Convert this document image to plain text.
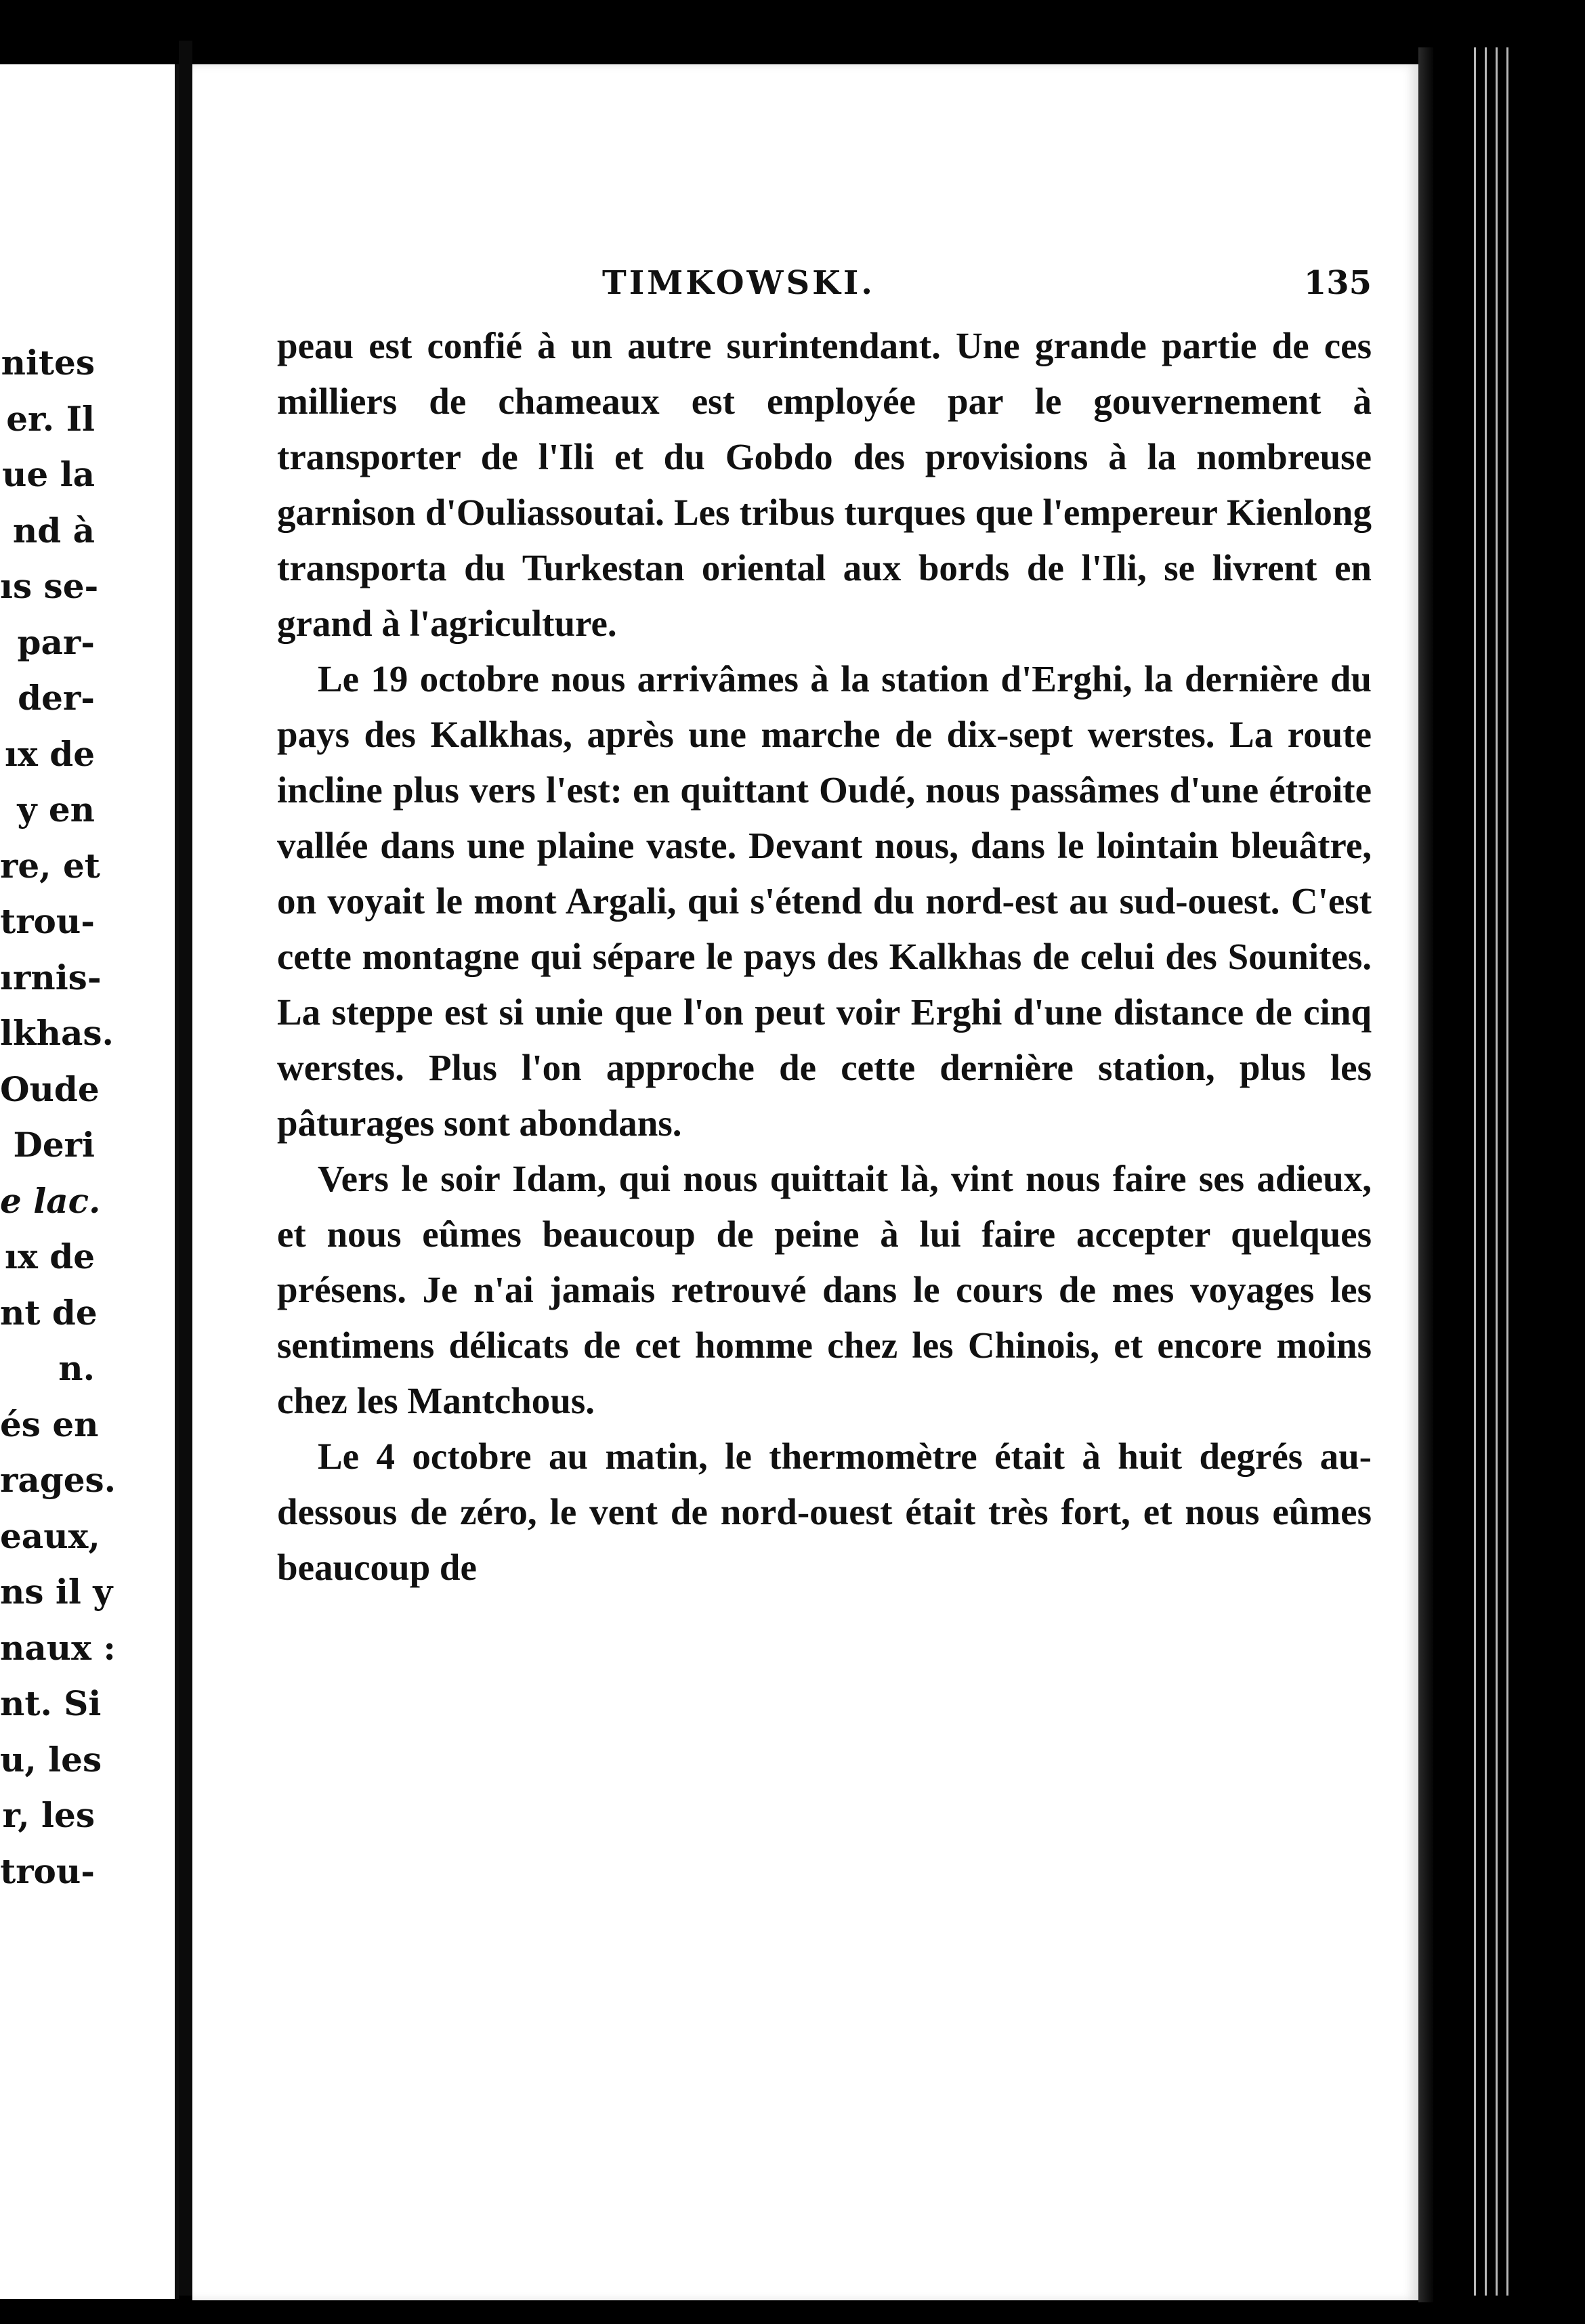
nites
er. Il
ue la
nd à
ıs se-
par-
der-
ıx de
y en
re, et
trou-
ırnis-
lkhas.
Oude
Deri
e lac.
ıx de
nt de
n.
és en
rages.
eaux,
ns il y
naux :
nt. Si
u, les
r, les
trou-
TIMKOWSKI.	135

peau est confié à un autre surintendant. Une grande partie de ces milliers de chameaux est employée par le gouvernement à transporter de l'Ili et du Gobdo des provisions à la nombreuse garnison d'Ouliassoutai. Les tribus turques que l'empereur Kienlong transporta du Turkestan oriental aux bords de l'Ili, se livrent en grand à l'agriculture.

Le 19 octobre nous arrivâmes à la station d'Erghi, la dernière du pays des Kalkhas, après une marche de dix-sept werstes. La route incline plus vers l'est: en quittant Oudé, nous passâmes d'une étroite vallée dans une plaine vaste. Devant nous, dans le lointain bleuâtre, on voyait le mont Argali, qui s'étend du nord-est au sud-ouest. C'est cette montagne qui sépare le pays des Kalkhas de celui des Sounites. La steppe est si unie que l'on peut voir Erghi d'une distance de cinq werstes. Plus l'on approche de cette dernière station, plus les pâturages sont abondans.

Vers le soir Idam, qui nous quittait là, vint nous faire ses adieux, et nous eûmes beaucoup de peine à lui faire accepter quelques présens. Je n'ai jamais retrouvé dans le cours de mes voyages les sentimens délicats de cet homme chez les Chinois, et encore moins chez les Mantchous.

Le 4 octobre au matin, le thermomètre était à huit degrés au-dessous de zéro, le vent de nord-ouest était très fort, et nous eûmes beaucoup de
